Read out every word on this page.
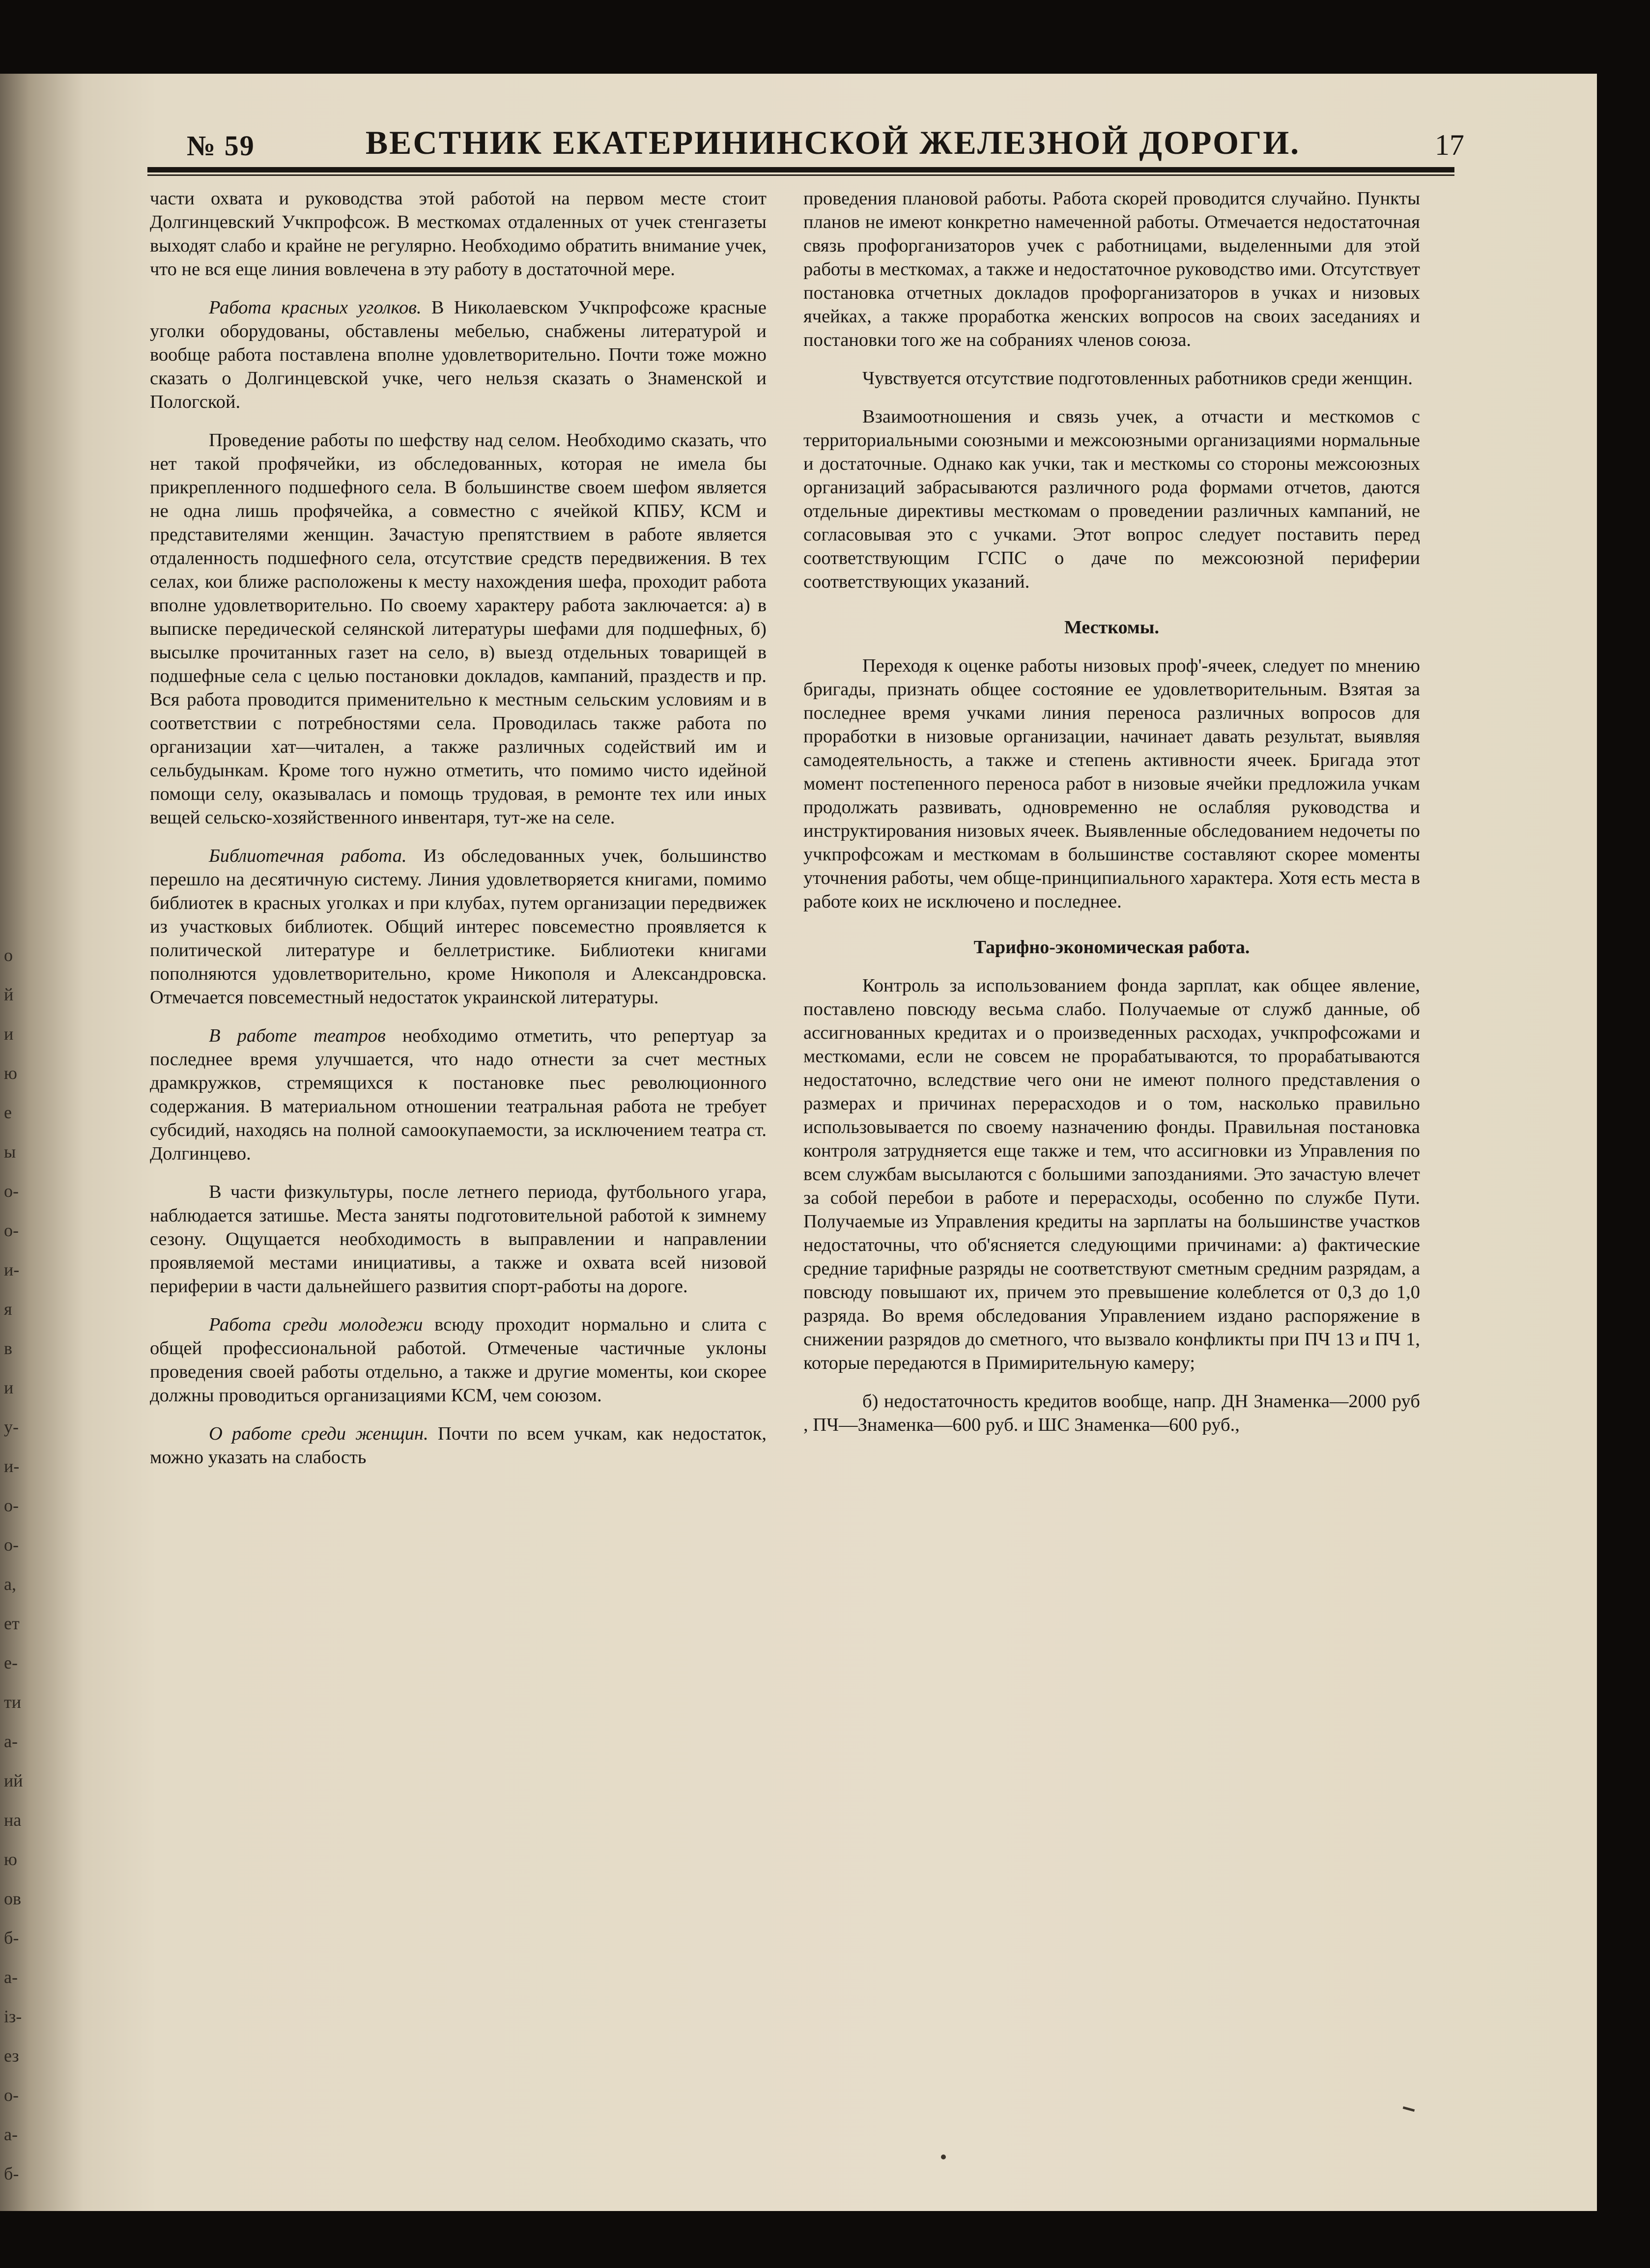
№ 59	ВЕСТНИК ЕКАТЕРИНИНСКОЙ ЖЕЛЕЗНОЙ ДОРОГИ.	17

части охвата и руководства этой работой на первом месте стоит Долгинцевский Учкпрофсож. В месткомах отдаленных от учек стенгазеты выходят слабо и крайне не регулярно. Необходимо обратить внимание учек, что не вся еще линия вовлечена в эту работу в достаточной мере.

Работа красных уголков. В Николаевском Учкпрофсоже красные уголки оборудованы, обставлены мебелью, снабжены литературой и вообще работа поставлена вполне удовлетворительно. Почти тоже можно сказать о Долгинцевской учке, чего нельзя сказать о Знаменской и Пологской.

Проведение работы по шефству над селом. Необходимо сказать, что нет такой профячейки, из обследованных, которая не имела бы прикрепленного подшефного села. В большинстве своем шефом является не одна лишь профячейка, а совместно с ячейкой КПБУ, КСМ и представителями женщин. Зачастую препятствием в работе является отдаленность подшефного села, отсутствие средств передвижения. В тех селах, кои ближе расположены к месту нахождения шефа, проходит работа вполне удовлетворительно. По своему характеру работа заключается: а) в выписке передической селянской литературы шефами для подшефных, б) высылке прочитанных газет на село, в) выезд отдельных товарищей в подшефные села с целью постановки докладов, кампаний, праздеств и пр. Вся работа проводится применительно к местным сельским условиям и в соответствии с потребностями села. Проводилась также работа по организации хат—читален, а также различных содействий им и сельбудынкам. Кроме того нужно отметить, что помимо чисто идейной помощи селу, оказывалась и помощь трудовая, в ремонте тех или иных вещей сельско-хозяйственного инвентаря, тут-же на селе.

Библиотечная работа. Из обследованных учек, большинство перешло на десятичную систему. Линия удовлетворяется книгами, помимо библиотек в красных уголках и при клубах, путем организации передвижек из участковых библиотек. Общий интерес повсеместно проявляется к политической литературе и беллетристике. Библиотеки книгами пополняются удовлетворительно, кроме Никополя и Александровска. Отмечается повсеместный недостаток украинской литературы.

В работе театров необходимо отметить, что репертуар за последнее время улучшается, что надо отнести за счет местных драмкружков, стремящихся к постановке пьес революционного содержания. В материальном отношении театральная работа не требует субсидий, находясь на полной самоокупаемости, за исключением театра ст. Долгинцево.

В части физкультуры, после летнего периода, футбольного угара, наблюдается затишье. Места заняты подготовительной работой к зимнему сезону. Ощущается необходимость в выправлении и направлении проявляемой местами инициативы, а также и охвата всей низовой периферии в части дальнейшего развития спорт-работы на дороге.

Работа среди молодежи всюду проходит нормально и слита с общей профессиональной работой. Отмеченые частичные уклоны проведения своей работы отдельно, а также и другие моменты, кои скорее должны проводиться организациями КСМ, чем союзом.

О работе среди женщин. Почти по всем учкам, как недостаток, можно указать на слабость

проведения плановой работы. Работа скорей проводится случайно. Пункты планов не имеют конкретно намеченной работы. Отмечается недостаточная связь профорганизаторов учек с работницами, выделенными для этой работы в месткомах, а также и недостаточное руководство ими. Отсутствует постановка отчетных докладов профорганизаторов в учках и низовых ячейках, а также проработка женских вопросов на своих заседаниях и постановки того же на собраниях членов союза.

Чувствуется отсутствие подготовленных работников среди женщин.

Взаимоотношения и связь учек, а отчасти и месткомов с территориальными союзными и межсоюзными организациями нормальные и достаточные. Однако как учки, так и месткомы со стороны межсоюзных организаций забрасываются различного рода формами отчетов, даются отдельные директивы месткомам о проведении различных кампаний, не согласовывая это с учками. Этот вопрос следует поставить перед соответствующим ГСПС о даче по межсоюзной периферии соответствующих указаний.

Месткомы.

Переходя к оценке работы низовых проф'-ячеек, следует по мнению бригады, признать общее состояние ее удовлетворительным. Взятая за последнее время учками линия переноса различных вопросов для проработки в низовые организации, начинает давать результат, выявляя самодеятельность, а также и степень активности ячеек. Бригада этот момент постепенного переноса работ в низовые ячейки предложила учкам продолжать развивать, одновременно не ослабляя руководства и инструктирования низовых ячеек. Выявленные обследованием недочеты по учкпрофсожам и месткомам в большинстве составляют скорее моменты уточнения работы, чем обще-принципиального характера. Хотя есть места в работе коих не исключено и последнее.

Тарифно-экономическая работа.

Контроль за использованием фонда зарплат, как общее явление, поставлено повсюду весьма слабо. Получаемые от служб данные, об ассигнованных кредитах и о произведенных расходах, учкпрофсожами и месткомами, если не совсем не прорабатываются, то прорабатываются недостаточно, вследствие чего они не имеют полного представления о размерах и причинах перерасходов и о том, насколько правильно использовывается по своему назначению фонды. Правильная постановка контроля затрудняется еще также и тем, что ассигновки из Управления по всем службам высылаются с большими запозданиями. Это зачастую влечет за собой перебои в работе и перерасходы, особенно по службе Пути. Получаемые из Управления кредиты на зарплаты на большинстве участков недостаточны, что об'ясняется следующими причинами: а) фактические средние тарифные разряды не соответствуют сметным средним разрядам, а повсюду повышают их, причем это превышение колеблется от 0,3 до 1,0 разряда. Во время обследования Управлением издано распоряжение в снижении разрядов до сметного, что вызвало конфликты при ПЧ 13 и ПЧ 1, которые передаются в Примирительную камеру;

б) недостаточность кредитов вообще, напр. ДН Знаменка—2000 руб , ПЧ—Знаменка—600 руб. и ШС Знаменка—600 руб.,

о
й
и
ю
е
ы
о-
о-
и-
я
в
и
у-
и-
о-
о-
а,
ет
е-
ти
а-
ий
на
ю
ов
б-
а-
із-
ез
о-
а-
б-
